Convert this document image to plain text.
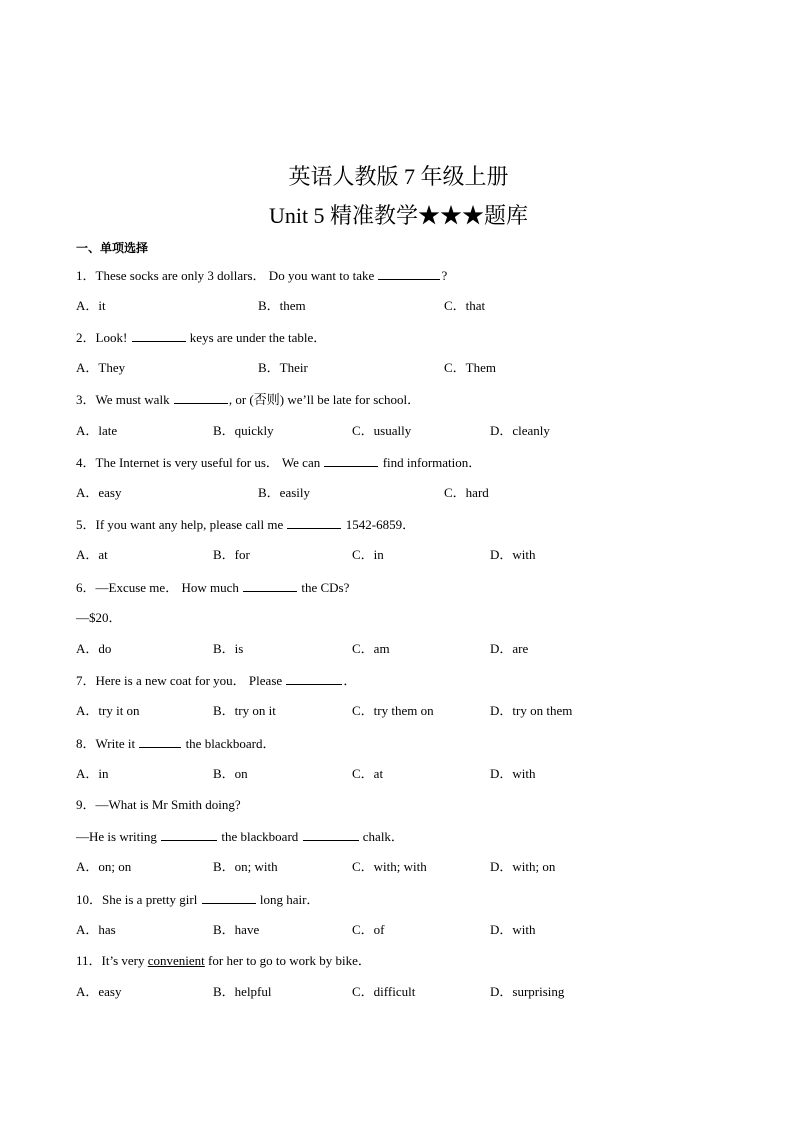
英语人教版 7 年级上册
Unit 5 精准教学★★★题库
一、单项选择
1．These socks are only 3 dollars． Do you want to take	?
A．it	B．them	C．that
2．Look!	keys are under the table．
A．They	B．Their	C．Them
3．We must walk	, or (否则) we’ll be late for school．
A．late	B．quickly	C．usually	D．cleanly
4．The Internet is very useful for us． We can	find information．
A．easy	B．easily	C．hard
5．If you want any help, please call me	1542-6859．
A．at	B．for	C．in	D．with
6．—Excuse me． How much	the CDs?
—$20．
A．do	B．is	C．am	D．are
7．Here is a new coat for you． Please	．
A．try it on	B．try on it	C．try them on	D．try on them
8．Write it	the blackboard．
A．in	B．on	C．at	D．with
9．—What is Mr Smith doing?
—He is writing	the blackboard	chalk．
A．on; on	B．on; with	C．with; with	D．with; on
10．She is a pretty girl	long hair．
A．has	B．have	C．of	D．with
11．It’s very convenient for her to go to work by bike．
A．easy	B．helpful	C．difficult	D．surprising
